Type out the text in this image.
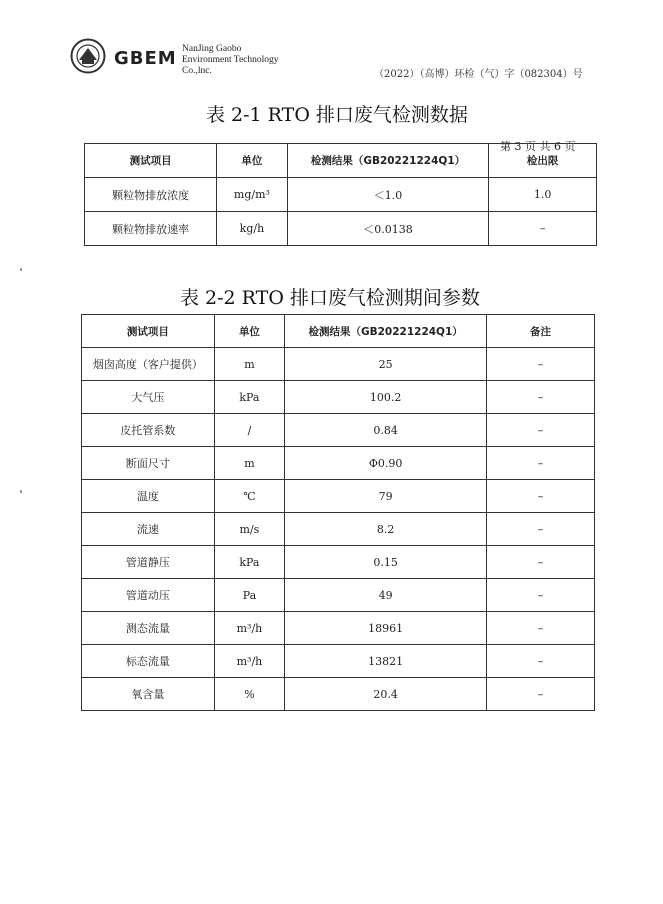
GBEM NanJing Gaobo
Environment Technology
Co.,lnc.	（2022）（高博）环检（气）字（082304）号
表 2-1 RTO 排口废气检测数据
第 3 页 共 6 页
测试项目	单位	检测结果（GB20221224Q1）	检出限
颗粒物排放浓度	mg/m³	＜1.0	1.0
颗粒物排放速率	kg/h	＜0.0138	–
表 2-2 RTO 排口废气检测期间参数
测试项目	单位	检测结果（GB20221224Q1）	备注
烟囱高度（客户提供）	m	25	–
大气压	kPa	100.2	–
皮托管系数	/	0.84	–
断面尺寸	m	Φ0.90	–
温度	℃	79	–
流速	m/s	8.2	–
管道静压	kPa	0.15	–
管道动压	Pa	49	–
测态流量	m³/h	18961	–
标态流量	m³/h	13821	–
氧含量	%	20.4	–
